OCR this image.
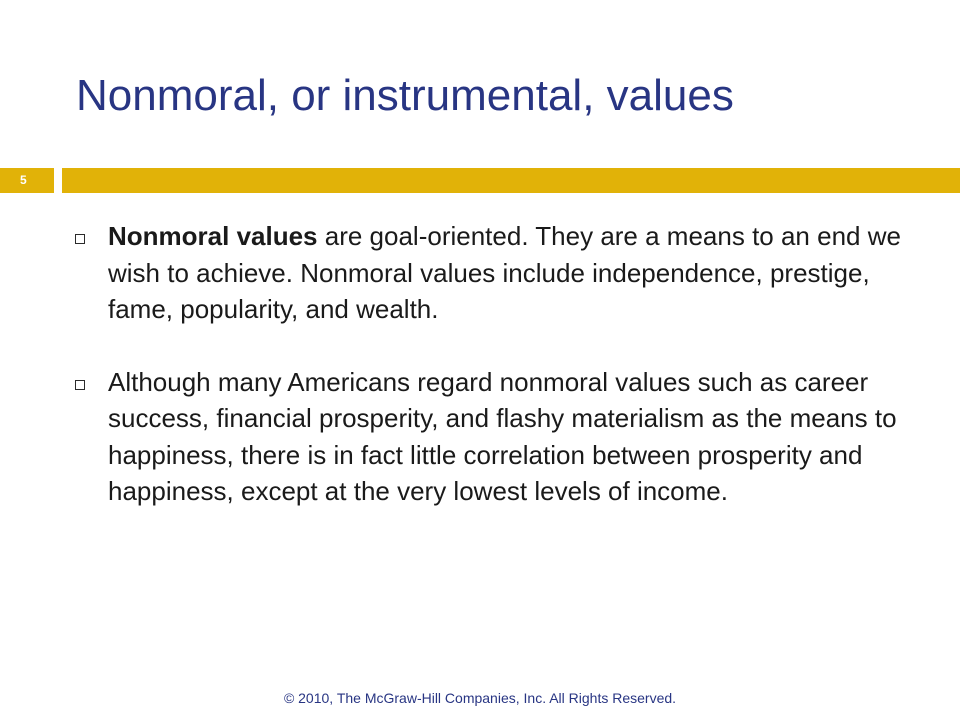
Nonmoral, or instrumental, values
5
Nonmoral values are goal-oriented. They are a means to an end we wish to achieve. Nonmoral values include independence, prestige, fame, popularity, and wealth.
Although many Americans regard nonmoral values such as career success, financial prosperity, and flashy materialism as the means to happiness, there is in fact little correlation between prosperity and happiness, except at the very lowest levels of income.
© 2010, The McGraw-Hill Companies, Inc. All Rights Reserved.
